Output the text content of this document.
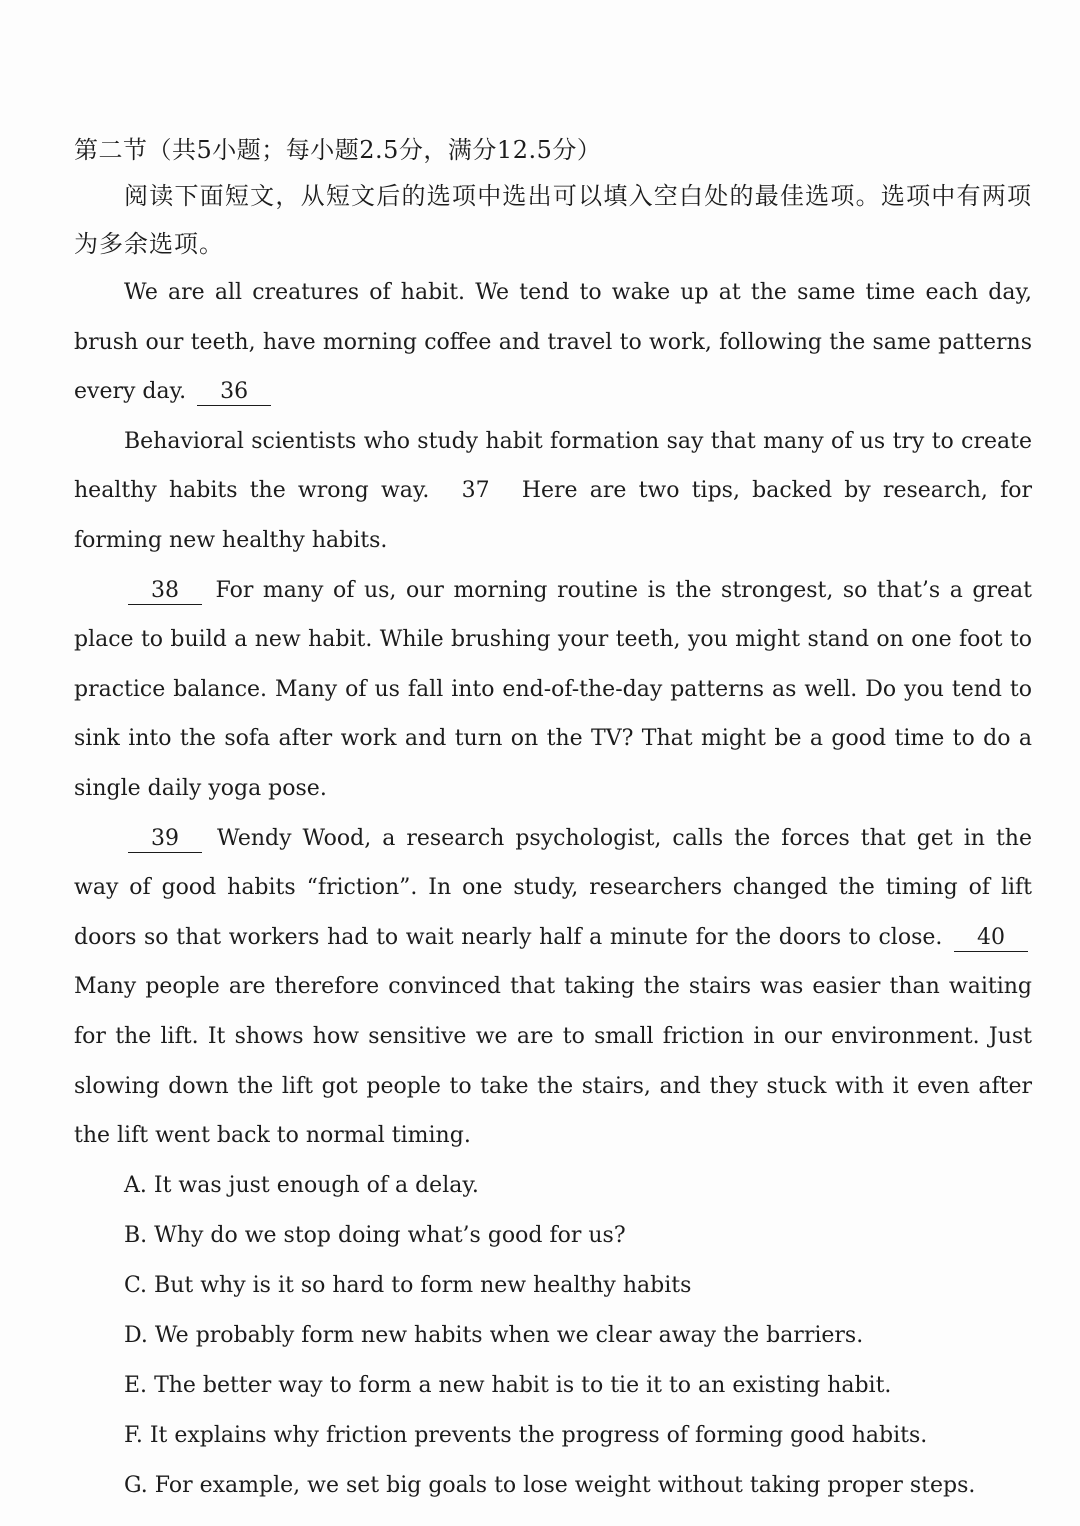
第二节（共5小题；每小题2.5分，满分12.5分）

阅读下面短文，从短文后的选项中选出可以填入空白处的最佳选项。选项中有两项为多余选项。

We are all creatures of habit. We tend to wake up at the same time each day, brush our teeth, have morning coffee and travel to work, following the same patterns every day. 36

Behavioral scientists who study habit formation say that many of us try to create healthy habits the wrong way. 37 Here are two tips, backed by research, for forming new healthy habits.

38 For many of us, our morning routine is the strongest, so that’s a great place to build a new habit. While brushing your teeth, you might stand on one foot to practice balance. Many of us fall into end-of-the-day patterns as well. Do you tend to sink into the sofa after work and turn on the TV? That might be a good time to do a single daily yoga pose.

39 Wendy Wood, a research psychologist, calls the forces that get in the way of good habits “friction”. In one study, researchers changed the timing of lift doors so that workers had to wait nearly half a minute for the doors to close. 40 Many people are therefore convinced that taking the stairs was easier than waiting for the lift. It shows how sensitive we are to small friction in our environment. Just slowing down the lift got people to take the stairs, and they stuck with it even after the lift went back to normal timing.

A. It was just enough of a delay.
B. Why do we stop doing what’s good for us?
C. But why is it so hard to form new healthy habits
D. We probably form new habits when we clear away the barriers.
E. The better way to form a new habit is to tie it to an existing habit.
F. It explains why friction prevents the progress of forming good habits.
G. For example, we set big goals to lose weight without taking proper steps.
